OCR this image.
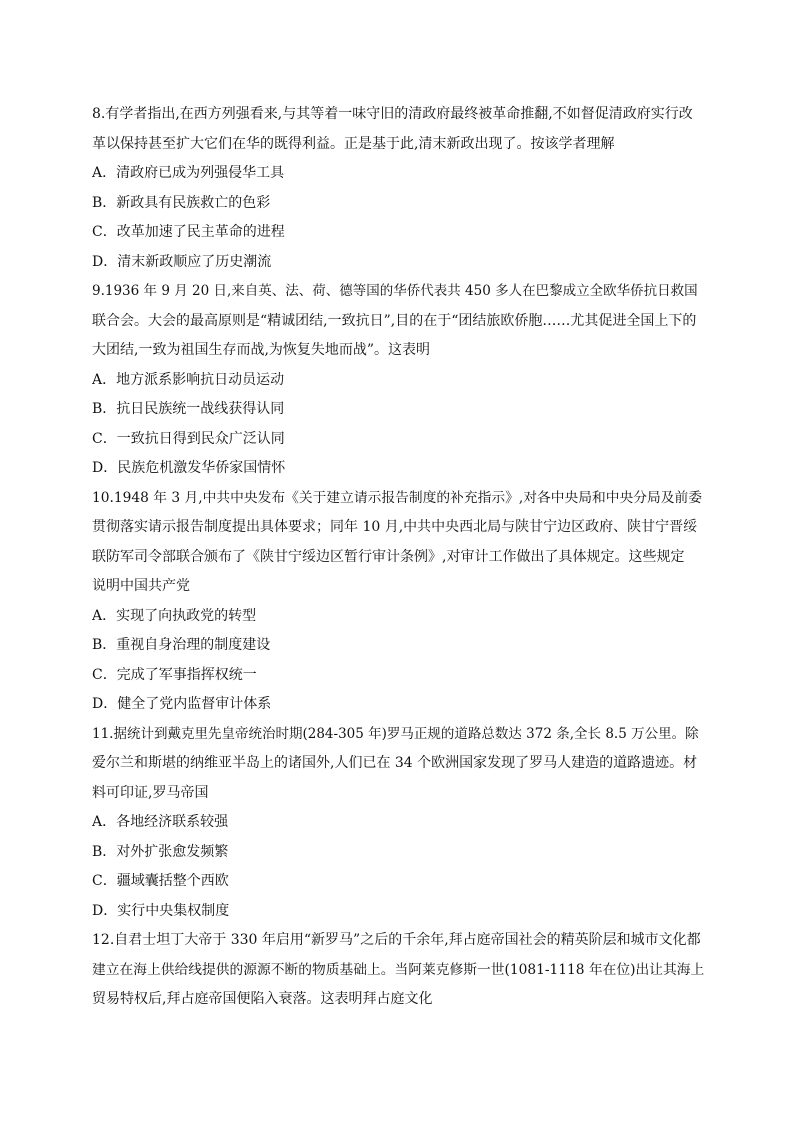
8.有学者指出,在西方列强看来,与其等着一味守旧的清政府最终被革命推翻,不如督促清政府实行改
革以保持甚至扩大它们在华的既得利益。正是基于此,清末新政出现了。按该学者理解
A．清政府已成为列强侵华工具
B．新政具有民族救亡的色彩
C．改革加速了民主革命的进程
D．清末新政顺应了历史潮流
9.1936 年 9 月 20 日,来自英、法、荷、德等国的华侨代表共 450 多人在巴黎成立全欧华侨抗日救国
联合会。大会的最高原则是“精诚团结,一致抗日”,目的在于“团结旅欧侨胞……尤其促进全国上下的
大团结,一致为祖国生存而战,为恢复失地而战”。这表明
A．地方派系影响抗日动员运动
B．抗日民族统一战线获得认同
C．一致抗日得到民众广泛认同
D．民族危机激发华侨家国情怀
10.1948 年 3 月,中共中央发布《关于建立请示报告制度的补充指示》,对各中央局和中央分局及前委
贯彻落实请示报告制度提出具体要求；同年 10 月,中共中央西北局与陕甘宁边区政府、陕甘宁晋绥
联防军司令部联合颁布了《陕甘宁绥边区暂行审计条例》,对审计工作做出了具体规定。这些规定
说明中国共产党
A．实现了向执政党的转型
B．重视自身治理的制度建设
C．完成了军事指挥权统一
D．健全了党内监督审计体系
11.据统计到戴克里先皇帝统治时期(284-305 年)罗马正规的道路总数达 372 条,全长 8.5 万公里。除
爱尔兰和斯堪的纳维亚半岛上的诸国外,人们已在 34 个欧洲国家发现了罗马人建造的道路遗迹。材
料可印证,罗马帝国
A．各地经济联系较强
B．对外扩张愈发频繁
C．疆域囊括整个西欧
D．实行中央集权制度
12.自君士坦丁大帝于 330 年启用“新罗马”之后的千余年,拜占庭帝国社会的精英阶层和城市文化都
建立在海上供给线提供的源源不断的物质基础上。当阿莱克修斯一世(1081-1118 年在位)出让其海上
贸易特权后,拜占庭帝国便陷入衰落。这表明拜占庭文化
